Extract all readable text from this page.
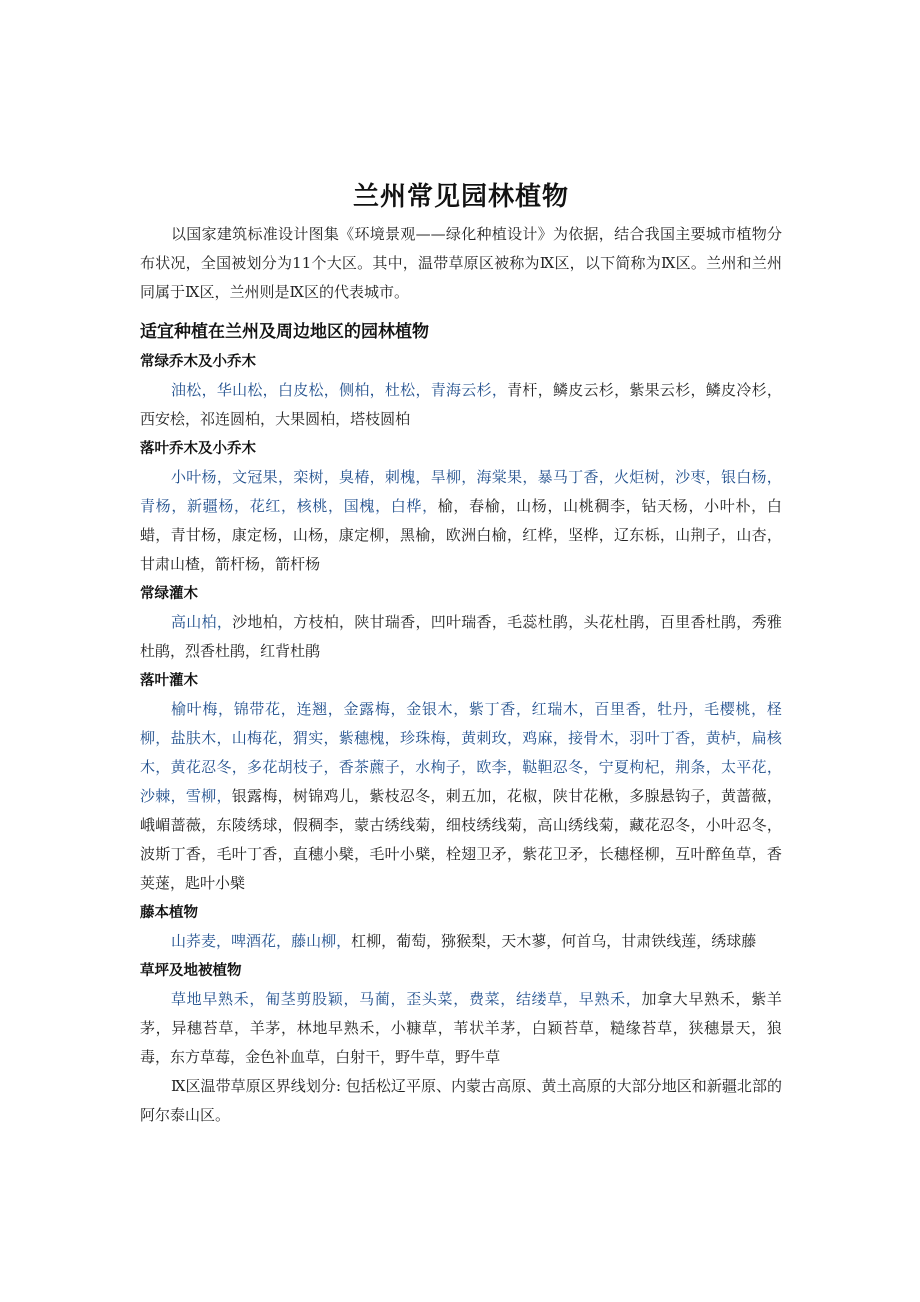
兰州常见园林植物

以国家建筑标准设计图集《环境景观——绿化种植设计》为依据，结合我国主要城市植物分布状况，全国被划分为11个大区。其中，温带草原区被称为Ⅸ区，以下简称为Ⅸ区。兰州和兰州同属于Ⅸ区，兰州则是Ⅸ区的代表城市。

适宜种植在兰州及周边地区的园林植物
常绿乔木及小乔木

油松，华山松，白皮松，侧柏，杜松，青海云杉，青杆，鳞皮云杉，紫果云杉，鳞皮冷杉，西安桧，祁连圆柏，大果圆柏，塔枝圆柏

落叶乔木及小乔木

小叶杨，文冠果，栾树，臭椿，刺槐，旱柳，海棠果，暴马丁香，火炬树，沙枣，银白杨，青杨，新疆杨，花红，核桃，国槐，白桦，榆，春榆，山杨，山桃稠李，钻天杨，小叶朴，白蜡，青甘杨，康定杨，山杨，康定柳，黑榆，欧洲白榆，红桦，坚桦，辽东栎，山荆子，山杏，甘肃山楂，箭杆杨，箭杆杨

常绿灌木

高山柏，沙地柏，方枝柏，陕甘瑞香，凹叶瑞香，毛蕊杜鹃，头花杜鹃，百里香杜鹃，秀雅杜鹃，烈香杜鹃，红背杜鹃

落叶灌木

榆叶梅，锦带花，连翘，金露梅，金银木，紫丁香，红瑞木，百里香，牡丹，毛樱桃，柽柳，盐肤木，山梅花，猬实，紫穗槐，珍珠梅，黄刺玫，鸡麻，接骨木，羽叶丁香，黄栌，扁核木，黄花忍冬，多花胡枝子，香茶藨子，水栒子，欧李，鞑靼忍冬，宁夏枸杞，荆条，太平花，沙棘，雪柳，银露梅，树锦鸡儿，紫枝忍冬，刺五加，花椒，陕甘花楸，多腺悬钩子，黄蔷薇，峨嵋蔷薇，东陵绣球，假稠李，蒙古绣线菊，细枝绣线菊，高山绣线菊，藏花忍冬，小叶忍冬，波斯丁香，毛叶丁香，直穗小檗，毛叶小檗，栓翅卫矛，紫花卫矛，长穗柽柳，互叶醉鱼草，香荚蒾，匙叶小檗

藤本植物

山荞麦，啤酒花，藤山柳，杠柳，葡萄，猕猴梨，天木蓼，何首乌，甘肃铁线莲，绣球藤

草坪及地被植物

草地早熟禾，匍茎剪股颖，马蔺，歪头菜，费菜，结缕草，早熟禾，加拿大早熟禾，紫羊茅，异穗苔草，羊茅，林地早熟禾，小糠草，苇状羊茅，白颖苔草，糙缘苔草，狭穗景天，狼毒，东方草莓，金色补血草，白射干，野牛草，野牛草

Ⅸ区温带草原区界线划分: 包括松辽平原、内蒙古高原、黄土高原的大部分地区和新疆北部的阿尔泰山区。
